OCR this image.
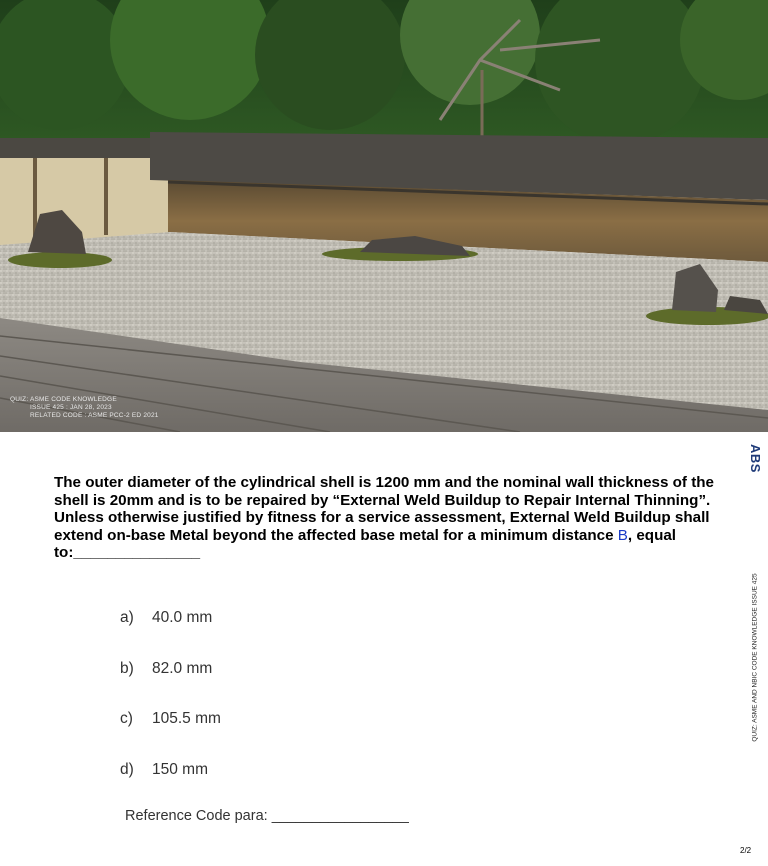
QUIZ: ASME CODE KNOWLEDGE
ISSUE 425 : JAN 28, 2023
RELATED CODE : ASME PCC-2 ED 2021
ABS
QUIZ: ASME AND NBIC CODE KNOWLEDGE ISSUE 425

The outer diameter of the cylindrical shell is 1200 mm and the nominal wall thickness of the shell is 20mm and is to be repaired by “External Weld Buildup to Repair Internal Thinning”. Unless otherwise justified by fitness for a service assessment, External Weld Buildup shall extend on-base Metal beyond the affected base metal for a minimum distance B, equal to:_______________

a) 40.0 mm
b) 82.0 mm
c) 105.5 mm
d) 150 mm
Reference Code para: _________________
2/2
